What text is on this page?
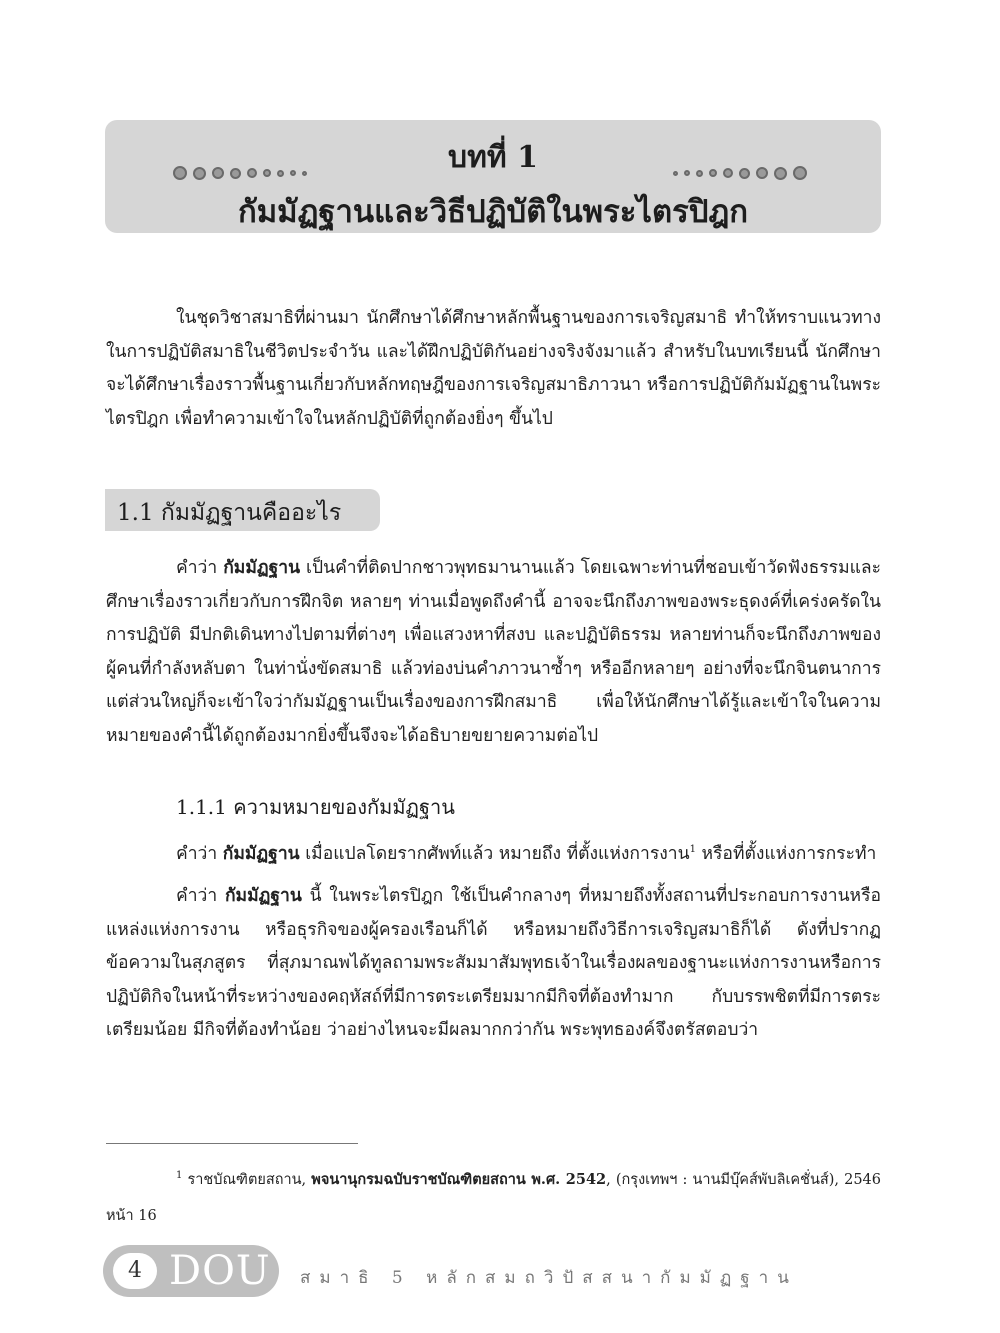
บทที่ 1
กัมมัฏฐานและวิธีปฏิบัติในพระไตรปิฎก

ในชุดวิชาสมาธิที่ผ่านมา นักศึกษาได้ศึกษาหลักพื้นฐานของการเจริญสมาธิ ทำให้ทราบแนวทางในการปฏิบัติสมาธิในชีวิตประจำวัน และได้ฝึกปฏิบัติกันอย่างจริงจังมาแล้ว สำหรับในบทเรียนนี้ นักศึกษาจะได้ศึกษาเรื่องราวพื้นฐานเกี่ยวกับหลักทฤษฎีของการเจริญสมาธิภาวนา หรือการปฏิบัติกัมมัฏฐานในพระไตรปิฎก เพื่อทำความเข้าใจในหลักปฏิบัติที่ถูกต้องยิ่งๆ ขึ้นไป

1.1 กัมมัฏฐานคืออะไร

คำว่า กัมมัฏฐาน เป็นคำที่ติดปากชาวพุทธมานานแล้ว โดยเฉพาะท่านที่ชอบเข้าวัดฟังธรรมและศึกษาเรื่องราวเกี่ยวกับการฝึกจิต หลายๆ ท่านเมื่อพูดถึงคำนี้ อาจจะนึกถึงภาพของพระธุดงค์ที่เคร่งครัดในการปฏิบัติ มีปกติเดินทางไปตามที่ต่างๆ เพื่อแสวงหาที่สงบ และปฏิบัติธรรม หลายท่านก็จะนึกถึงภาพของผู้คนที่กำลังหลับตา ในท่านั่งขัดสมาธิ แล้วท่องบ่นคำภาวนาซ้ำๆ หรืออีกหลายๆ อย่างที่จะนึกจินตนาการ แต่ส่วนใหญ่ก็จะเข้าใจว่ากัมมัฏฐานเป็นเรื่องของการฝึกสมาธิ เพื่อให้นักศึกษาได้รู้และเข้าใจในความหมายของคำนี้ได้ถูกต้องมากยิ่งขึ้นจึงจะได้อธิบายขยายความต่อไป

1.1.1 ความหมายของกัมมัฏฐาน

คำว่า กัมมัฏฐาน เมื่อแปลโดยรากศัพท์แล้ว หมายถึง ที่ตั้งแห่งการงาน$^1$ หรือที่ตั้งแห่งการกระทำ

คำว่า กัมมัฏฐาน นี้ ในพระไตรปิฎก ใช้เป็นคำกลางๆ ที่หมายถึงทั้งสถานที่ประกอบการงานหรือแหล่งแห่งการงาน หรือธุรกิจของผู้ครองเรือนก็ได้ หรือหมายถึงวิธีการเจริญสมาธิก็ได้ ดังที่ปรากฏข้อความในสุภสูตร ที่สุภมาณพได้ทูลถามพระสัมมาสัมพุทธเจ้าในเรื่องผลของฐานะแห่งการงานหรือการปฏิบัติกิจในหน้าที่ระหว่างของคฤหัสถ์ที่มีการตระเตรียมมากมีกิจที่ต้องทำมาก กับบรรพชิตที่มีการตระเตรียมน้อย มีกิจที่ต้องทำน้อย ว่าอย่างไหนจะมีผลมากกว่ากัน พระพุทธองค์จึงตรัสตอบว่า

$^1$ ราชบัณฑิตยสถาน, พจนานุกรมฉบับราชบัณฑิตยสถาน พ.ศ. 2542, (กรุงเทพฯ : นานมีบุ๊คส์พับลิเคชั่นส์), 2546 หน้า 16

4 DOU สมาธิ 5 หลักสมถวิปัสสนากัมมัฏฐาน
